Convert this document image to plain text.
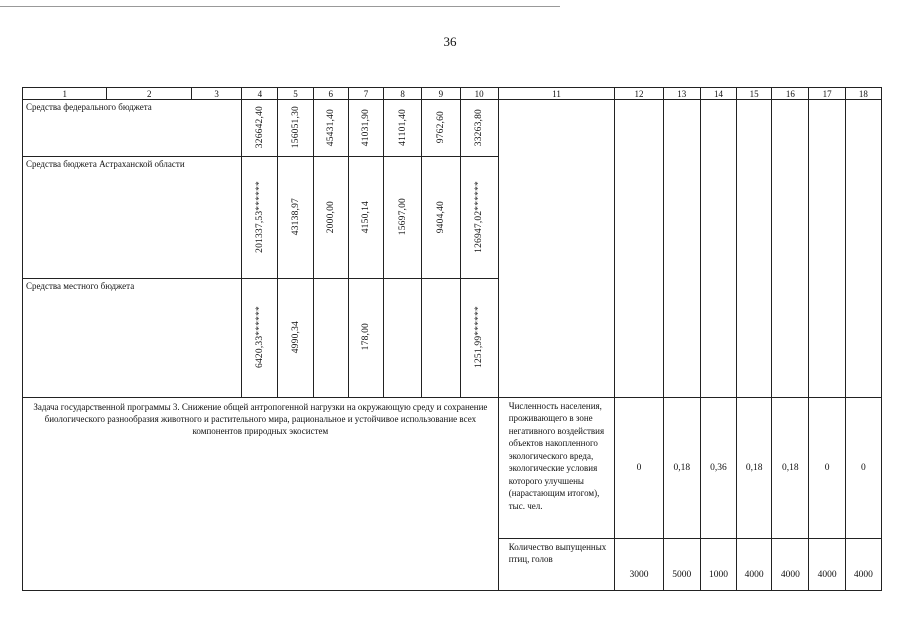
36
1	2	3	4	5	6	7	8	9	10	11	12	13	14	15	16	17	18
Средства федерального бюджета			326642,40	156051,30	45431,40	41031,90	41101,40	9762,60	33263,80								
Средства бюджета Астраханской области			201337,53******	43138,97	2000,00	4150,14	15697,00	9404,40	126947,02******								
Средства местного бюджета			6420,33******	4990,34		178,00			1251,99******								
Задача государственной программы 3. Снижение общей антропогенной нагрузки на окружающую среду и сохранение биологического разнообразия животного и растительного мира, рациональное и устойчивое использование всех компонентов природных экосистем										Численность населения, проживающего в зоне негативного воздействия объектов накопленного экологического вреда, экологические условия которого улучшены (нарастающим итогом), тыс. чел.	0	0,18	0,36	0,18	0,18	0	0
										Количество выпущенных птиц, голов	3000	5000	1000	4000	4000	4000	4000
